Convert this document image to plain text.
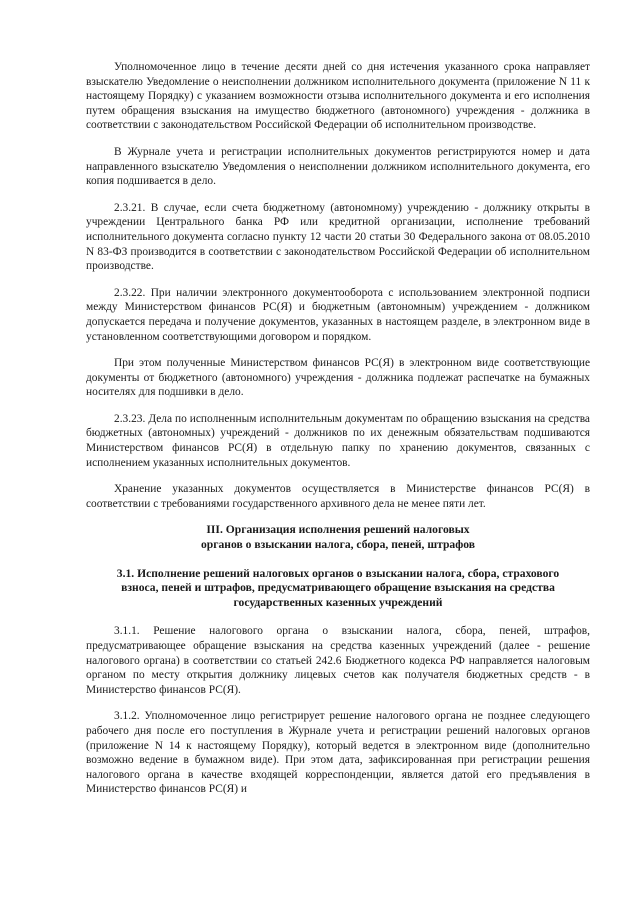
Уполномоченное лицо в течение десяти дней со дня истечения указанного срока направляет взыскателю Уведомление о неисполнении должником исполнительного документа (приложение N 11 к настоящему Порядку) с указанием возможности отзыва исполнительного документа и его исполнения путем обращения взыскания на имущество бюджетного (автономного) учреждения - должника в соответствии с законодательством Российской Федерации об исполнительном производстве.

В Журнале учета и регистрации исполнительных документов регистрируются номер и дата направленного взыскателю Уведомления о неисполнении должником исполнительного документа, его копия подшивается в дело.

2.3.21. В случае, если счета бюджетному (автономному) учреждению - должнику открыты в учреждении Центрального банка РФ или кредитной организации, исполнение требований исполнительного документа согласно пункту 12 части 20 статьи 30 Федерального закона от 08.05.2010 N 83-ФЗ производится в соответствии с законодательством Российской Федерации об исполнительном производстве.

2.3.22. При наличии электронного документооборота с использованием электронной подписи между Министерством финансов РС(Я) и бюджетным (автономным) учреждением - должником допускается передача и получение документов, указанных в настоящем разделе, в электронном виде в установленном соответствующими договором и порядком.

При этом полученные Министерством финансов РС(Я) в электронном виде соответствующие документы от бюджетного (автономного) учреждения - должника подлежат распечатке на бумажных носителях для подшивки в дело.

2.3.23. Дела по исполненным исполнительным документам по обращению взыскания на средства бюджетных (автономных) учреждений - должников по их денежным обязательствам подшиваются Министерством финансов РС(Я) в отдельную папку по хранению документов, связанных с исполнением указанных исполнительных документов.

Хранение указанных документов осуществляется в Министерстве финансов РС(Я) в соответствии с требованиями государственного архивного дела не менее пяти лет.

III. Организация исполнения решений налоговых
органов о взыскании налога, сбора, пеней, штрафов
3.1. Исполнение решений налоговых органов о взыскании налога, сбора, страхового
взноса, пеней и штрафов, предусматривающего обращение взыскания на средства
государственных казенных учреждений

3.1.1. Решение налогового органа о взыскании налога, сбора, пеней, штрафов, предусматривающее обращение взыскания на средства казенных учреждений (далее - решение налогового органа) в соответствии со статьей 242.6 Бюджетного кодекса РФ направляется налоговым органом по месту открытия должнику лицевых счетов как получателя бюджетных средств - в Министерство финансов РС(Я).

3.1.2. Уполномоченное лицо регистрирует решение налогового органа не позднее следующего рабочего дня после его поступления в Журнале учета и регистрации решений налоговых органов (приложение N 14 к настоящему Порядку), который ведется в электронном виде (дополнительно возможно ведение в бумажном виде). При этом дата, зафиксированная при регистрации решения налогового органа в качестве входящей корреспонденции, является датой его предъявления в Министерство финансов РС(Я) и
